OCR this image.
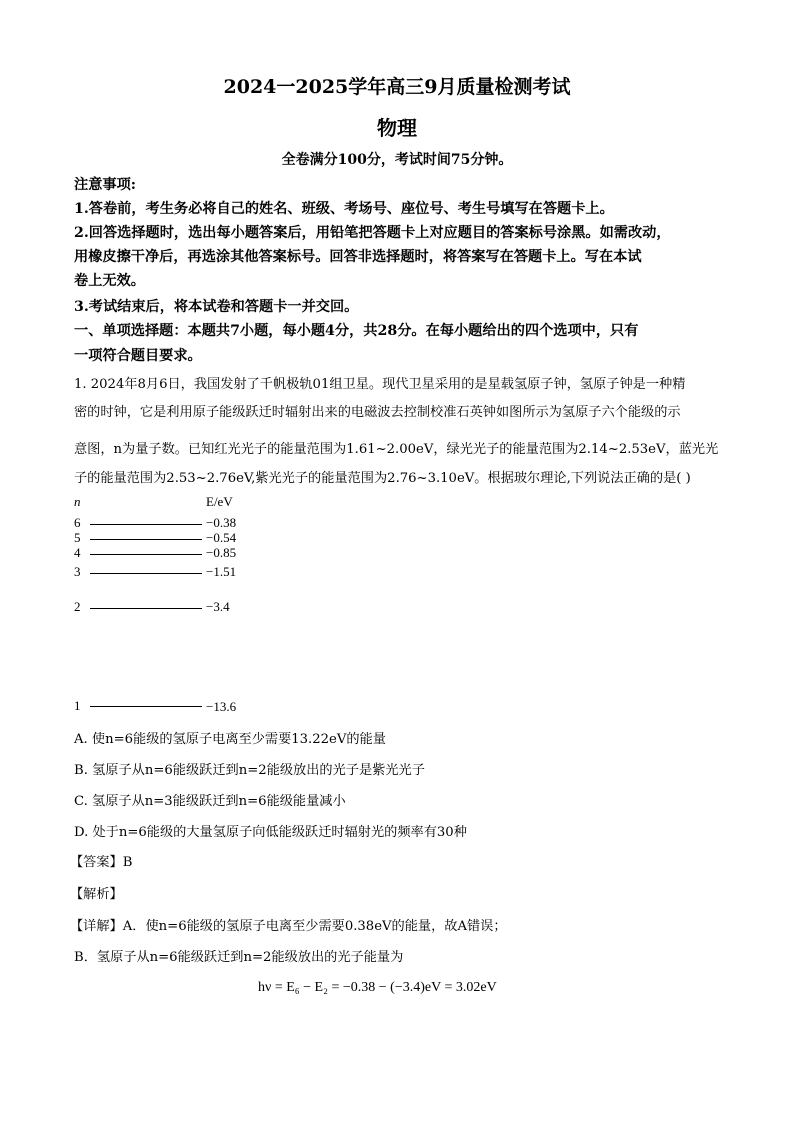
2024一2025学年高三9月质量检测考试
物理
全卷满分100分，考试时间75分钟。
注意事项:
1.答卷前，考生务必将自己的姓名、班级、考场号、座位号、考生号填写在答题卡上。
2.回答选择题时，选出每小题答案后，用铅笔把答题卡上对应题目的答案标号涂黑。如需改动，
用橡皮擦干净后，再选涂其他答案标号。回答非选择题时，将答案写在答题卡上。写在本试
卷上无效。
3.考试结束后，将本试卷和答题卡一并交回。
一、单项选择题：本题共7小题，每小题4分，共28分。在每小题给出的四个选项中，只有
一项符合题目要求。
1. 2024年8月6日，我国发射了千帆极轨01组卫星。现代卫星采用的是星载氢原子钟，氢原子钟是一种精
密的时钟，它是利用原子能级跃迁时辐射出来的电磁波去控制校准石英钟如图所示为氢原子六个能级的示
意图，n为量子数。已知红光光子的能量范围为1.61~2.00eV，绿光光子的能量范围为2.14~2.53eV，蓝光光
子的能量范围为2.53~2.76eV,紫光光子的能量范围为2.76~3.10eV。根据玻尔理论,下列说法正确的是( )
n	E/eV
6	−0.38
5	−0.54
4	−0.85
3	−1.51
2	−3.4
1	−13.6
A. 使n=6能级的氢原子电离至少需要13.22eV的能量
B. 氢原子从n=6能级跃迁到n=2能级放出的光子是紫光光子
C. 氢原子从n=3能级跃迁到n=6能级能量减小
D. 处于n=6能级的大量氢原子向低能级跃迁时辐射光的频率有30种
【答案】B
【解析】
【详解】A．使n=6能级的氢原子电离至少需要0.38eV的能量，故A错误；
B．氢原子从n=6能级跃迁到n=2能级放出的光子能量为
hν = E₆ − E₂ = −0.38 − (−3.4)eV = 3.02eV
